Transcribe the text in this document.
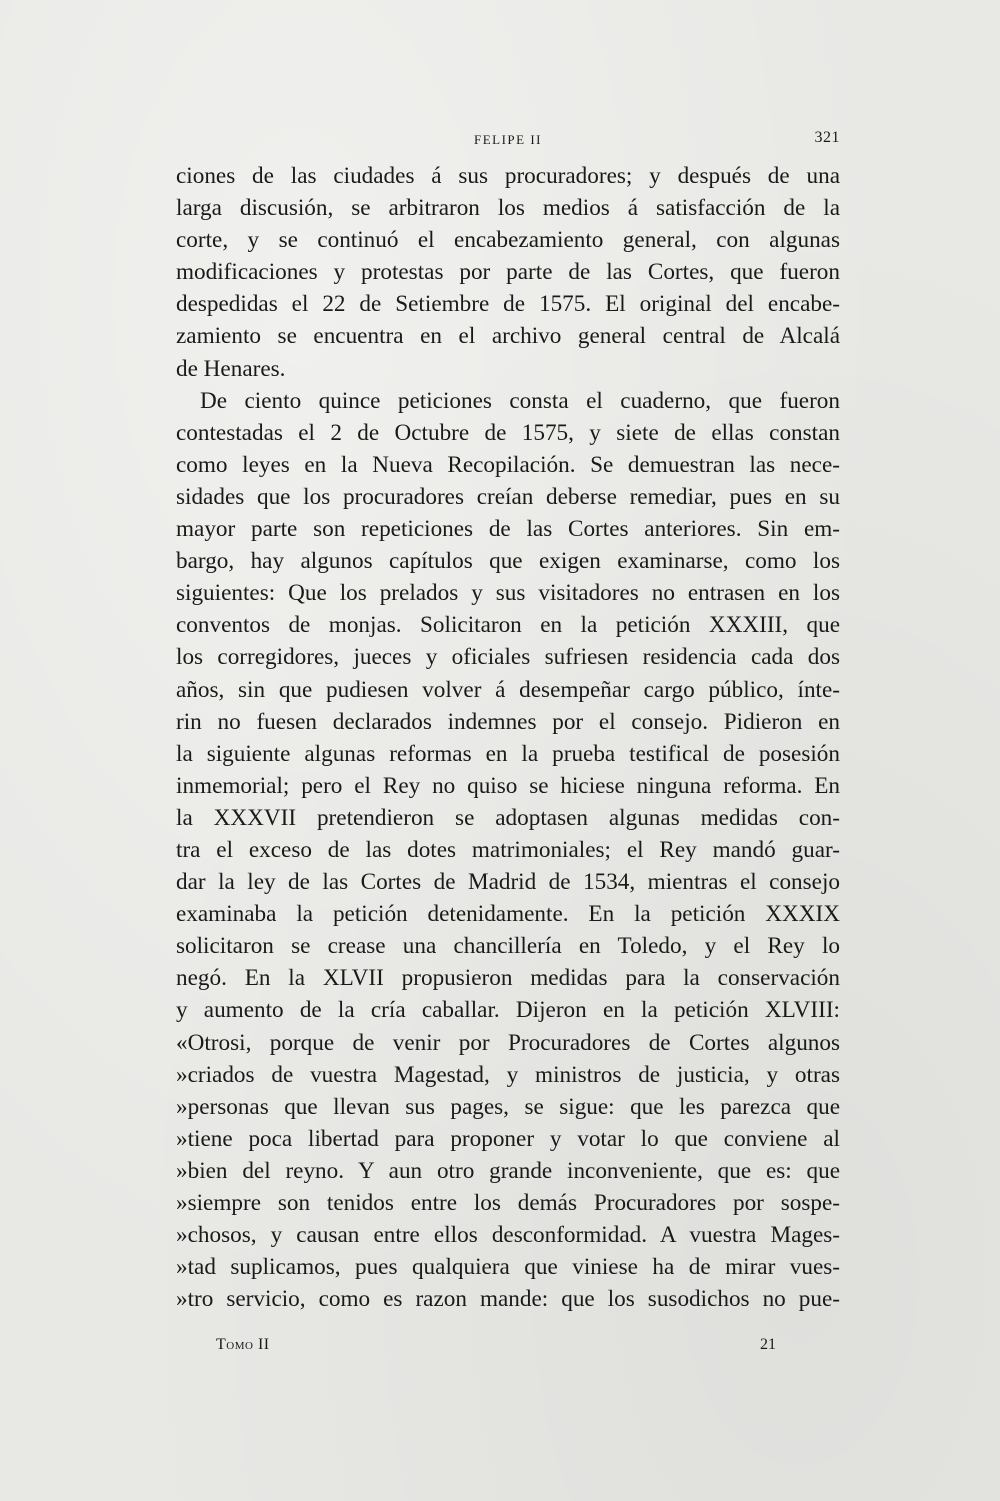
FELIPE II	321
ciones de las ciudades á sus procuradores; y después de una
larga discusión, se arbitraron los medios á satisfacción de la
corte, y se continuó el encabezamiento general, con algunas
modificaciones y protestas por parte de las Cortes, que fueron
despedidas el 22 de Setiembre de 1575. El original del encabe-
zamiento se encuentra en el archivo general central de Alcalá
de Henares.
De ciento quince peticiones consta el cuaderno, que fueron
contestadas el 2 de Octubre de 1575, y siete de ellas constan
como leyes en la Nueva Recopilación. Se demuestran las nece-
sidades que los procuradores creían deberse remediar, pues en su
mayor parte son repeticiones de las Cortes anteriores. Sin em-
bargo, hay algunos capítulos que exigen examinarse, como los
siguientes: Que los prelados y sus visitadores no entrasen en los
conventos de monjas. Solicitaron en la petición XXXIII, que
los corregidores, jueces y oficiales sufriesen residencia cada dos
años, sin que pudiesen volver á desempeñar cargo público, ínte-
rin no fuesen declarados indemnes por el consejo. Pidieron en
la siguiente algunas reformas en la prueba testifical de posesión
inmemorial; pero el Rey no quiso se hiciese ninguna reforma. En
la XXXVII pretendieron se adoptasen algunas medidas con-
tra el exceso de las dotes matrimoniales; el Rey mandó guar-
dar la ley de las Cortes de Madrid de 1534, mientras el consejo
examinaba la petición detenidamente. En la petición XXXIX
solicitaron se crease una chancillería en Toledo, y el Rey lo
negó. En la XLVII propusieron medidas para la conservación
y aumento de la cría caballar. Dijeron en la petición XLVIII:
«Otrosi, porque de venir por Procuradores de Cortes algunos
»criados de vuestra Magestad, y ministros de justicia, y otras
»personas que llevan sus pages, se sigue: que les parezca que
»tiene poca libertad para proponer y votar lo que conviene al
»bien del reyno. Y aun otro grande inconveniente, que es: que
»siempre son tenidos entre los demás Procuradores por sospe-
»chosos, y causan entre ellos desconformidad. A vuestra Mages-
»tad suplicamos, pues qualquiera que viniese ha de mirar vues-
»tro servicio, como es razon mande: que los susodichos no pue-
Tomo II	21
